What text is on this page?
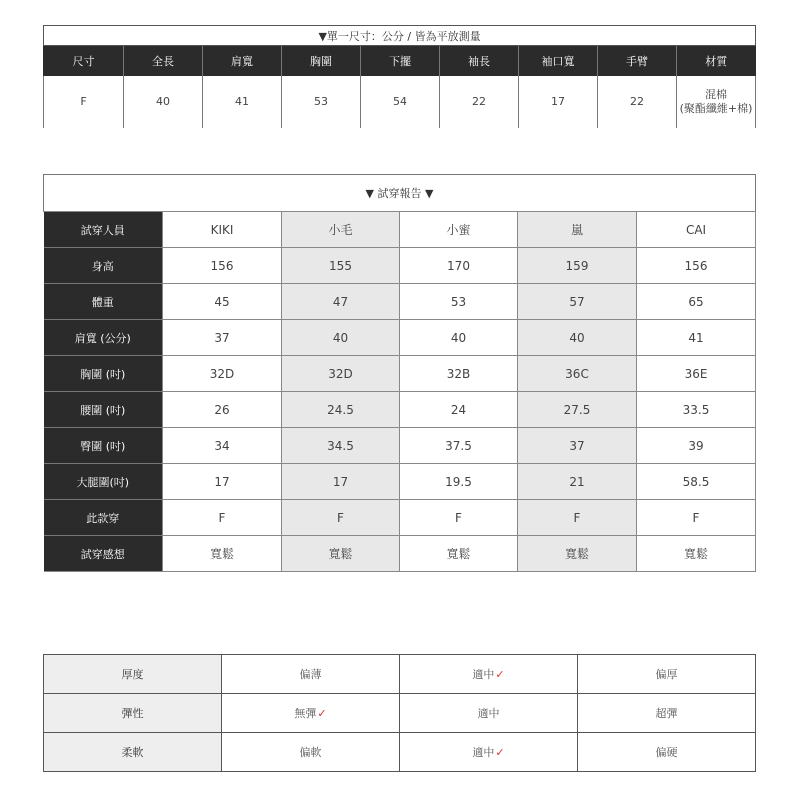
▼單一尺寸：公分 / 皆為平放測量								
尺寸	全長	肩寬	胸圍	下擺	袖長	袖口寬	手臂	材質
F	40	41	53	54	22	17	22	混棉
(聚酯纖維+棉)
▼ 試穿報告 ▼					
試穿人員	KIKI	小毛	小蜜	嵐	CAI
身高	156	155	170	159	156
體重	45	47	53	57	65
肩寬 (公分)	37	40	40	40	41
胸圍 (吋)	32D	32D	32B	36C	36E
腰圍 (吋)	26	24.5	24	27.5	33.5
臀圍 (吋)	34	34.5	37.5	37	39
大腿圍(吋)	17	17	19.5	21	58.5
此款穿	F	F	F	F	F
試穿感想	寬鬆	寬鬆	寬鬆	寬鬆	寬鬆
厚度	偏薄	適中✓	偏厚
彈性	無彈✓	適中	超彈
柔軟	偏軟	適中✓	偏硬
